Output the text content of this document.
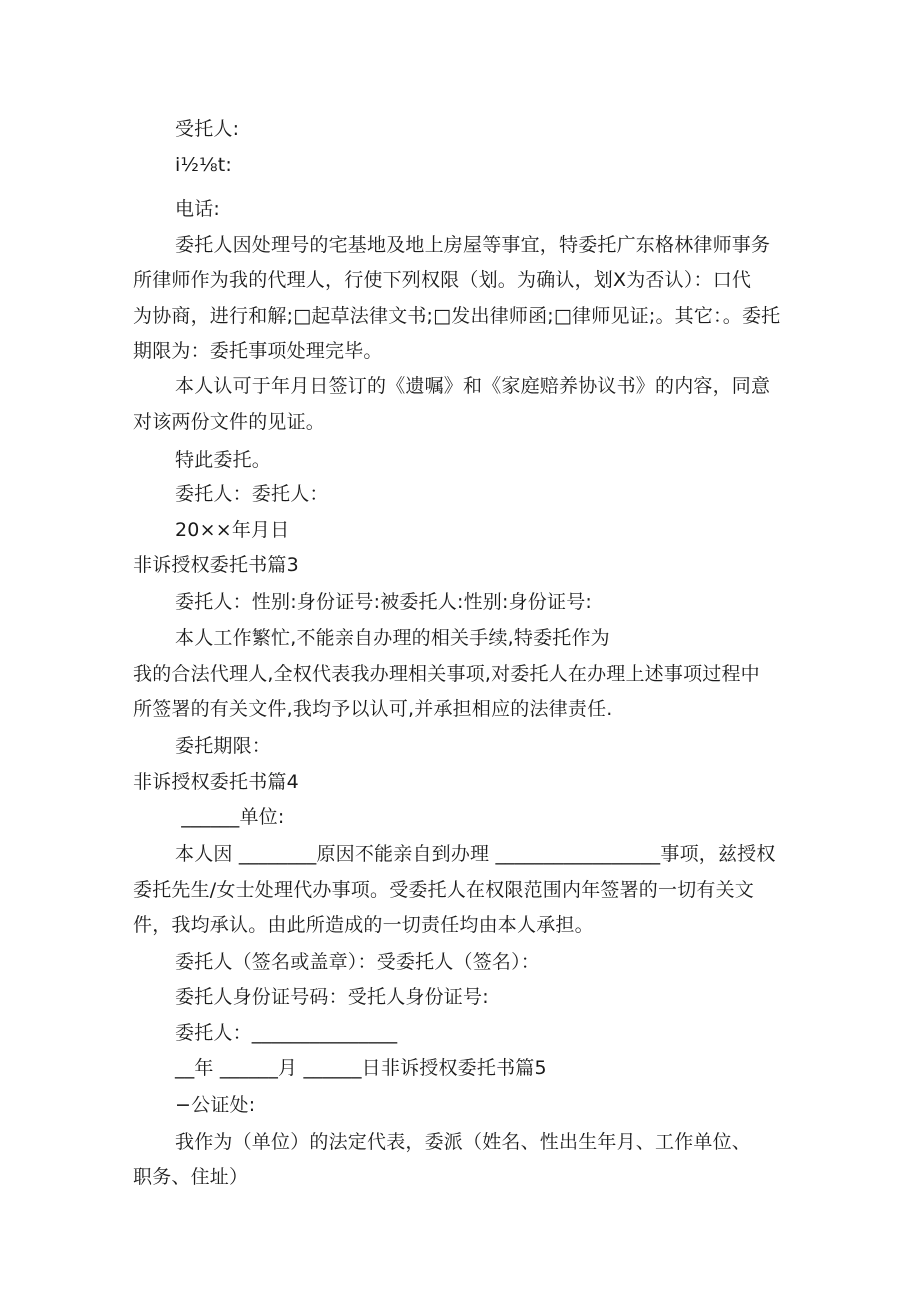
受托人:
i½⅛t:
电话:
委托人因处理号的宅基地及地上房屋等事宜，特委托广东格林律师事务
所律师作为我的代理人，行使下列权限（划。为确认，划X为否认）：口代
为协商，进行和解;□起草法律文书;□发出律师函;□律师见证;。其它：。委托
期限为：委托事项处理完毕。
本人认可于年月日签订的《遗嘱》和《家庭赔养协议书》的内容，同意
对该两份文件的见证。
特此委托。
委托人：委托人：
20××年月日
非诉授权委托书篇3
委托人：性别:身份证号:被委托人:性别:身份证号:
本人工作繁忙,不能亲自办理的相关手续,特委托作为
我的合法代理人,全权代表我办理相关事项,对委托人在办理上述事项过程中
所签署的有关文件,我均予以认可,并承担相应的法律责任.
委托期限：
非诉授权委托书篇4
______单位:
本人因 ________原因不能亲自到办理 _________________事项，兹授权
委托先生/女士处理代办事项。受委托人在权限范围内年签署的一切有关文
件，我均承认。由此所造成的一切责任均由本人承担。
委托人（签名或盖章）：受委托人（签名）：
委托人身份证号码：受托人身份证号:
委托人：_______________
__年 ______月 ______日非诉授权委托书篇5
−公证处:
我作为（单位）的法定代表，委派（姓名、性出生年月、工作单位、
职务、住址）
